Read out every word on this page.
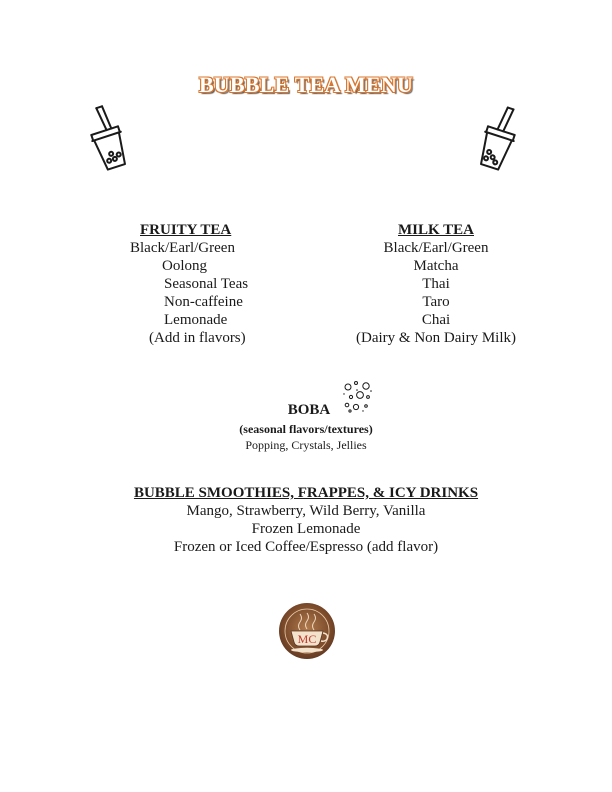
BUBBLE TEA MENU
FRUITY TEA
Black/Earl/Green
Oolong
Seasonal Teas
Non-caffeine
Lemonade
(Add in flavors)
MILK TEA
Black/Earl/Green
Matcha
Thai
Taro
Chai
(Dairy & Non Dairy Milk)
BOBA
(seasonal flavors/textures)
Popping, Crystals, Jellies
BUBBLE SMOOTHIES, FRAPPES, & ICY DRINKS
Mango, Strawberry, Wild Berry, Vanilla
Frozen Lemonade
Frozen or Iced Coffee/Espresso (add flavor)
MC
